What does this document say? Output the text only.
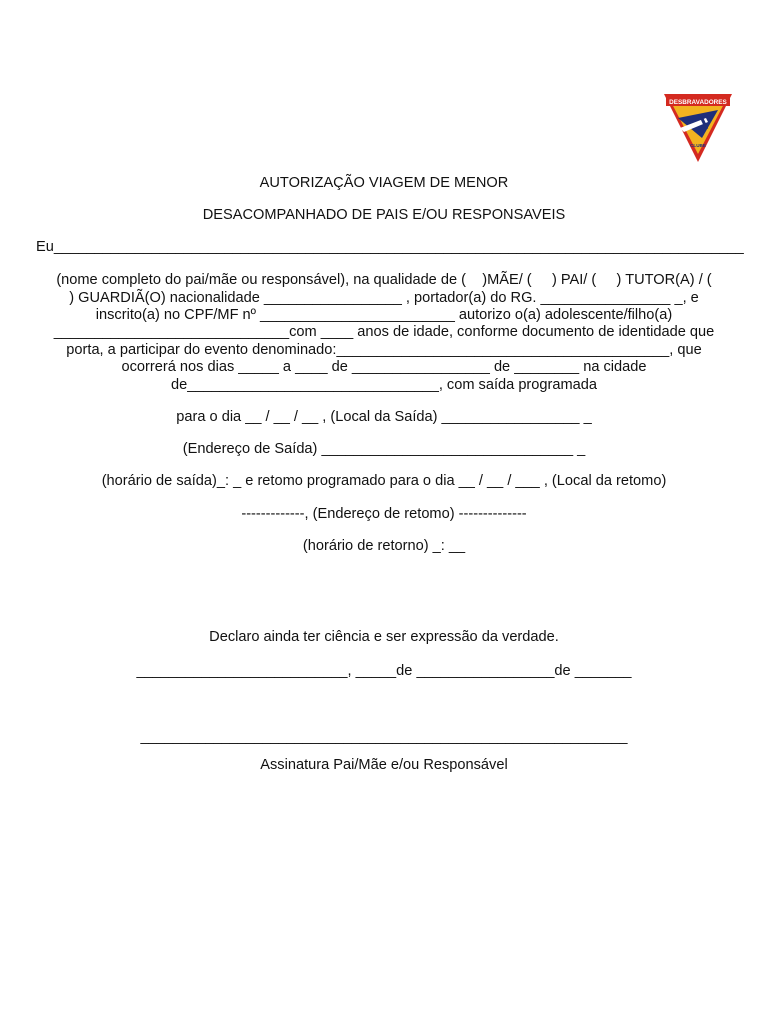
DESBRAVADORES
CLUBE
AUTORIZAÇÃO VIAGEM DE MENOR
DESACOMPANHADO DE PAIS E/OU RESPONSAVEIS
Eu_____________________________________________________________________________________
(nome completo do pai/mãe ou responsável), na qualidade de (    )MÃE/ (     ) PAI/ (     ) TUTOR(A) / (
) GUARDIÃ(O) nacionalidade _________________ , portador(a) do RG. ________________ _, e
inscrito(a) no CPF/MF nº ________________________ autorizo o(a) adolescente/filho(a)
_____________________________com ____ anos de idade, conforme documento de identidade que
porta, a participar do evento denominado:_________________________________________, que
ocorrerá nos dias _____ a ____ de _________________ de ________ na cidade
de_______________________________, com saída programada
para o dia __ / __ / __ , (Local da Saída) _________________ _
(Endereço de Saída) _______________________________ _
(horário de saída)_: _ e retomo programado para o dia __ / __ / ___ , (Local da retomo)
-------------, (Endereço de retomo) --------------
(horário de retorno) _: __
Declaro ainda ter ciência e ser expressão da verdade.
__________________________, _____de _________________de _______
____________________________________________________________
Assinatura Pai/Mãe e/ou Responsável
